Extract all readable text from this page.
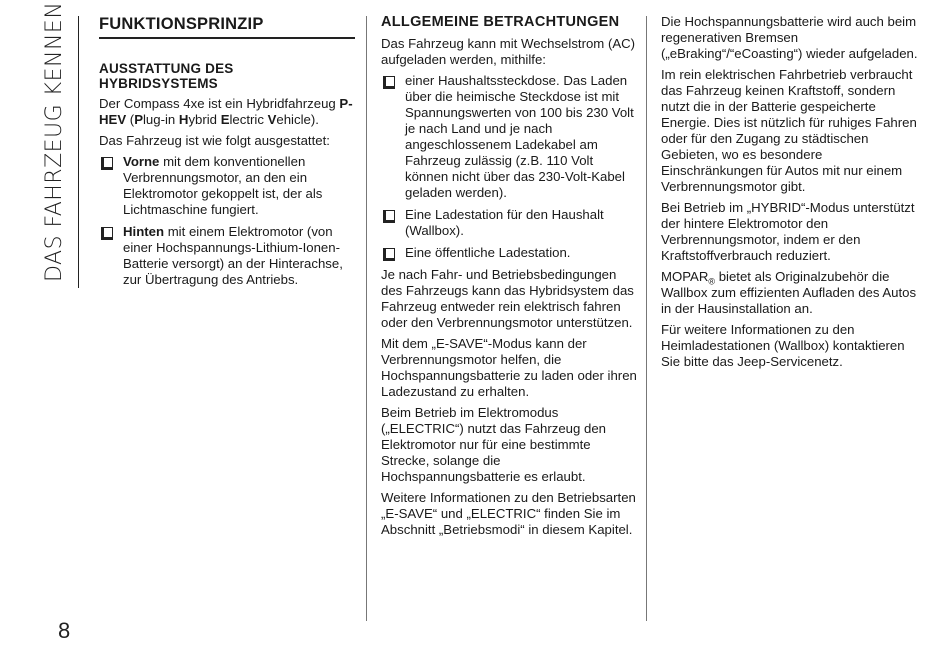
DAS FAHRZEUG KENNEN
8
FUNKTIONSPRINZIP
AUSSTATTUNG DES HYBRIDSYSTEMS

Der Compass 4xe ist ein Hybridfahrzeug P-HEV (Plug-in Hybrid Electric Vehicle).

Das Fahrzeug ist wie folgt ausgestattet:

Vorne mit dem konventionellen Verbrennungsmotor, an den ein Elektromotor gekoppelt ist, der als Lichtmaschine fungiert.
Hinten mit einem Elektromotor (von einer Hochspannungs-Lithium-Ionen-Batterie versorgt) an der Hinterachse, zur Übertragung des Antriebs.
ALLGEMEINE BETRACHTUNGEN

Das Fahrzeug kann mit Wechselstrom (AC) aufgeladen werden, mithilfe:

einer Haushaltssteckdose. Das Laden über die heimische Steckdose ist mit Spannungswerten von 100 bis 230 Volt je nach Land und je nach angeschlossenem Ladekabel am Fahrzeug zulässig (z.B. 110 Volt können nicht über das 230-Volt-Kabel geladen werden).
Eine Ladestation für den Haushalt (Wallbox).
Eine öffentliche Ladestation.

Je nach Fahr- und Betriebsbedingungen des Fahrzeugs kann das Hybridsystem das Fahrzeug entweder rein elektrisch fahren oder den Verbrennungsmotor unterstützen.

Mit dem „E-SAVE“-Modus kann der Verbrennungsmotor helfen, die Hochspannungsbatterie zu laden oder ihren Ladezustand zu erhalten.

Beim Betrieb im Elektromodus („ELECTRIC“) nutzt das Fahrzeug den Elektromotor nur für eine bestimmte Strecke, solange die Hochspannungsbatterie es erlaubt.

Weitere Informationen zu den Betriebsarten „E-SAVE“ und „ELECTRIC“ finden Sie im Abschnitt „Betriebsmodi“ in diesem Kapitel.

Die Hochspannungsbatterie wird auch beim regenerativen Bremsen („eBraking“/“eCoasting“) wieder aufgeladen.

Im rein elektrischen Fahrbetrieb verbraucht das Fahrzeug keinen Kraftstoff, sondern nutzt die in der Batterie gespeicherte Energie. Dies ist nützlich für ruhiges Fahren oder für den Zugang zu städtischen Gebieten, wo es besondere Einschränkungen für Autos mit nur einem Verbrennungsmotor gibt.

Bei Betrieb im „HYBRID“-Modus unterstützt der hintere Elektromotor den Verbrennungsmotor, indem er den Kraftstoffverbrauch reduziert.

$MOPAR_®$ bietet als Originalzubehör die Wallbox zum effizienten Aufladen des Autos in der Hausinstallation an.

Für weitere Informationen zu den Heimladestationen (Wallbox) kontaktieren Sie bitte das Jeep-Servicenetz.
